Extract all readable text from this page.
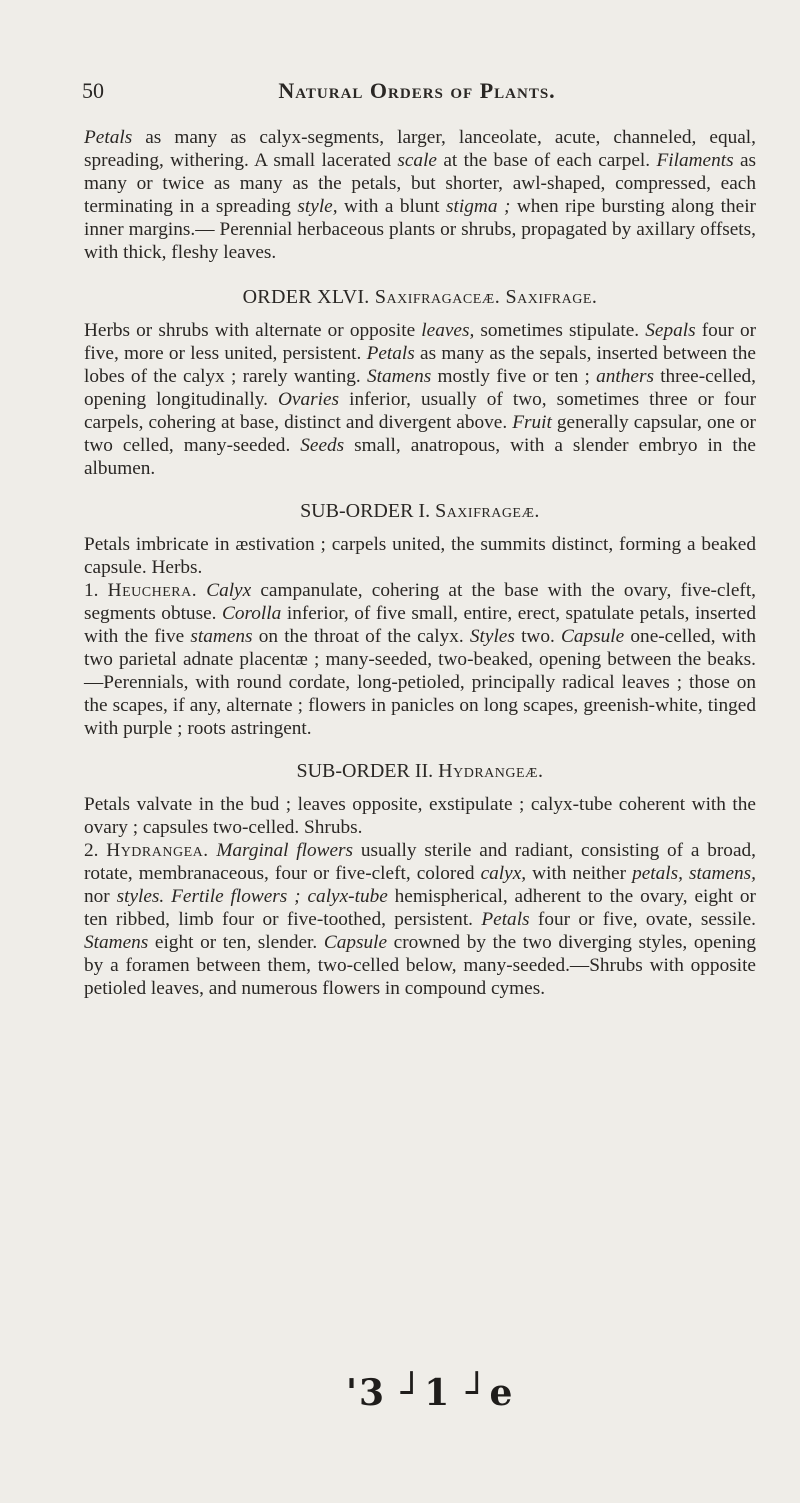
50	Natural Orders of Plants.

Petals as many as calyx-segments, larger, lanceolate, acute, channeled, equal, spreading, withering. A small lacerated scale at the base of each carpel. Filaments as many or twice as many as the petals, but shorter, awl-shaped, compressed, each terminating in a spreading style, with a blunt stigma ; when ripe bursting along their inner margins.— Perennial herbaceous plants or shrubs, propagated by axillary offsets, with thick, fleshy leaves.

ORDER XLVI. Saxifragaceæ. Saxifrage.

Herbs or shrubs with alternate or opposite leaves, sometimes stipulate. Sepals four or five, more or less united, persistent. Petals as many as the sepals, inserted between the lobes of the calyx ; rarely wanting. Stamens mostly five or ten ; anthers three-celled, opening longitudinally. Ovaries inferior, usually of two, sometimes three or four carpels, cohering at base, distinct and divergent above. Fruit generally capsular, one or two celled, many-seeded. Seeds small, anatropous, with a slender embryo in the albumen.

SUB-ORDER I. Saxifrageæ.

Petals imbricate in æstivation ; carpels united, the summits distinct, forming a beaked capsule. Herbs.

1. Heuchera. Calyx campanulate, cohering at the base with the ovary, five-cleft, segments obtuse. Corolla inferior, of five small, entire, erect, spatulate petals, inserted with the five stamens on the throat of the calyx. Styles two. Capsule one-celled, with two parietal adnate placentæ ; many-seeded, two-beaked, opening between the beaks.—Perennials, with round cordate, long-petioled, principally radical leaves ; those on the scapes, if any, alternate ; flowers in panicles on long scapes, greenish-white, tinged with purple ; roots astringent.

SUB-ORDER II. Hydrangeæ.

Petals valvate in the bud ; leaves opposite, exstipulate ; calyx-tube coherent with the ovary ; capsules two-celled. Shrubs.

2. Hydrangea. Marginal flowers usually sterile and radiant, consisting of a broad, rotate, membranaceous, four or five-cleft, colored calyx, with neither petals, stamens, nor styles. Fertile flowers ; calyx-tube hemispherical, adherent to the ovary, eight or ten ribbed, limb four or five-toothed, persistent. Petals four or five, ovate, sessile. Stamens eight or ten, slender. Capsule crowned by the two diverging styles, opening by a foramen between them, two-celled below, many-seeded.—Shrubs with opposite petioled leaves, and numerous flowers in compound cymes.

'3 ┘1 ┘e
